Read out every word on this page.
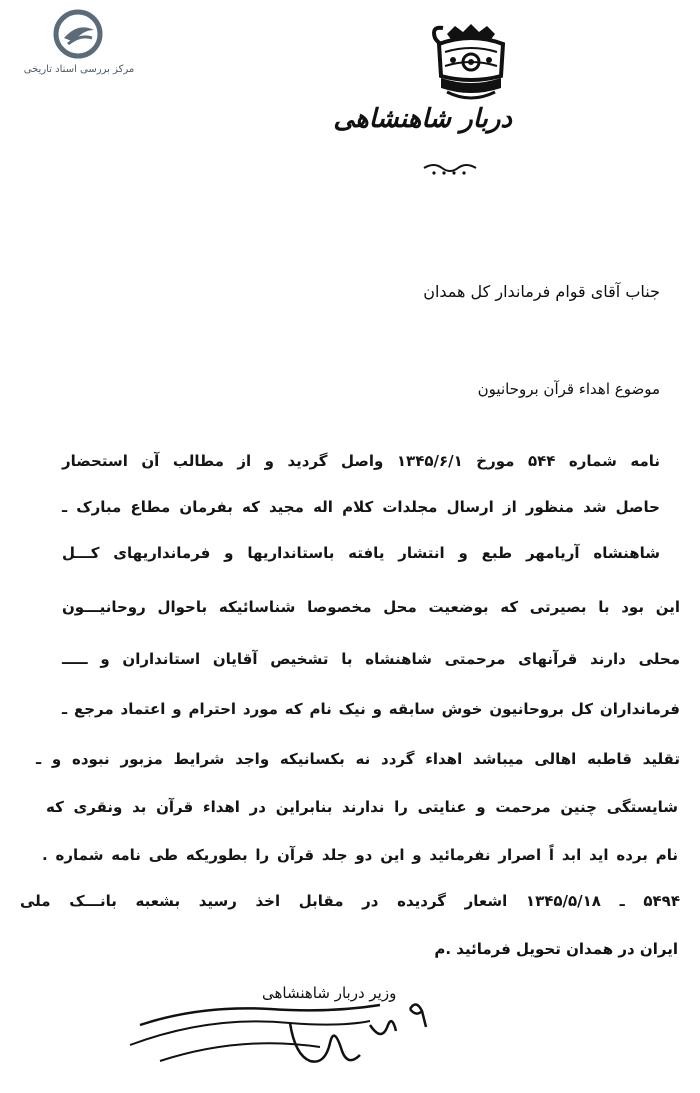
مرکز بررسی اسناد تاریخی
دربار شاهنشاهی
جناب آقای قوام فرماندار کل همدان
موضوع اهداء قرآن بروحانیون
نامه شماره ۵۴۴ مورخ ۱۳۴۵/۶/۱ واصل گردید و از مطالب آن استحضار
حاصل شد منظور از ارسال مجلدات کلام اله مجید که بفرمان مطاع مبارک ـ
شاهنشاه آریامهر طبع و انتشار یافته باستانداریها و فرمانداریهای کـــل
این بود با بصیرتی که بوضعیت محل مخصوصا شناسائیکه باحوال روحانیـــون
محلی دارند قرآنهای مرحمتی شاهنشاه با تشخیص آقایان استانداران و ـــــ
فرمانداران کل بروحانیون خوش سابقه و نیک نام که مورد احترام و اعتماد مرجع ـ
تقلید قاطبه اهالی میباشد اهداء گردد نه بکسانیکه واجد شرایط مزبور نبوده و ـ
شایستگی چنین مرحمت و عنایتی را ندارند بنابراین در اهداء قرآن بد ونقری که
نام برده اید ابد اً اصرار نفرمائید و این دو جلد قرآن را بطوریکه طی نامه شماره .
۵۴۹۴ ـ ۱۳۴۵/۵/۱۸ اشعار گردیده در مقابل اخذ رسید بشعبه بانـــک ملی
ایران در همدان تحویل فرمائید .م
وزیر دربار شاهنشاهی
